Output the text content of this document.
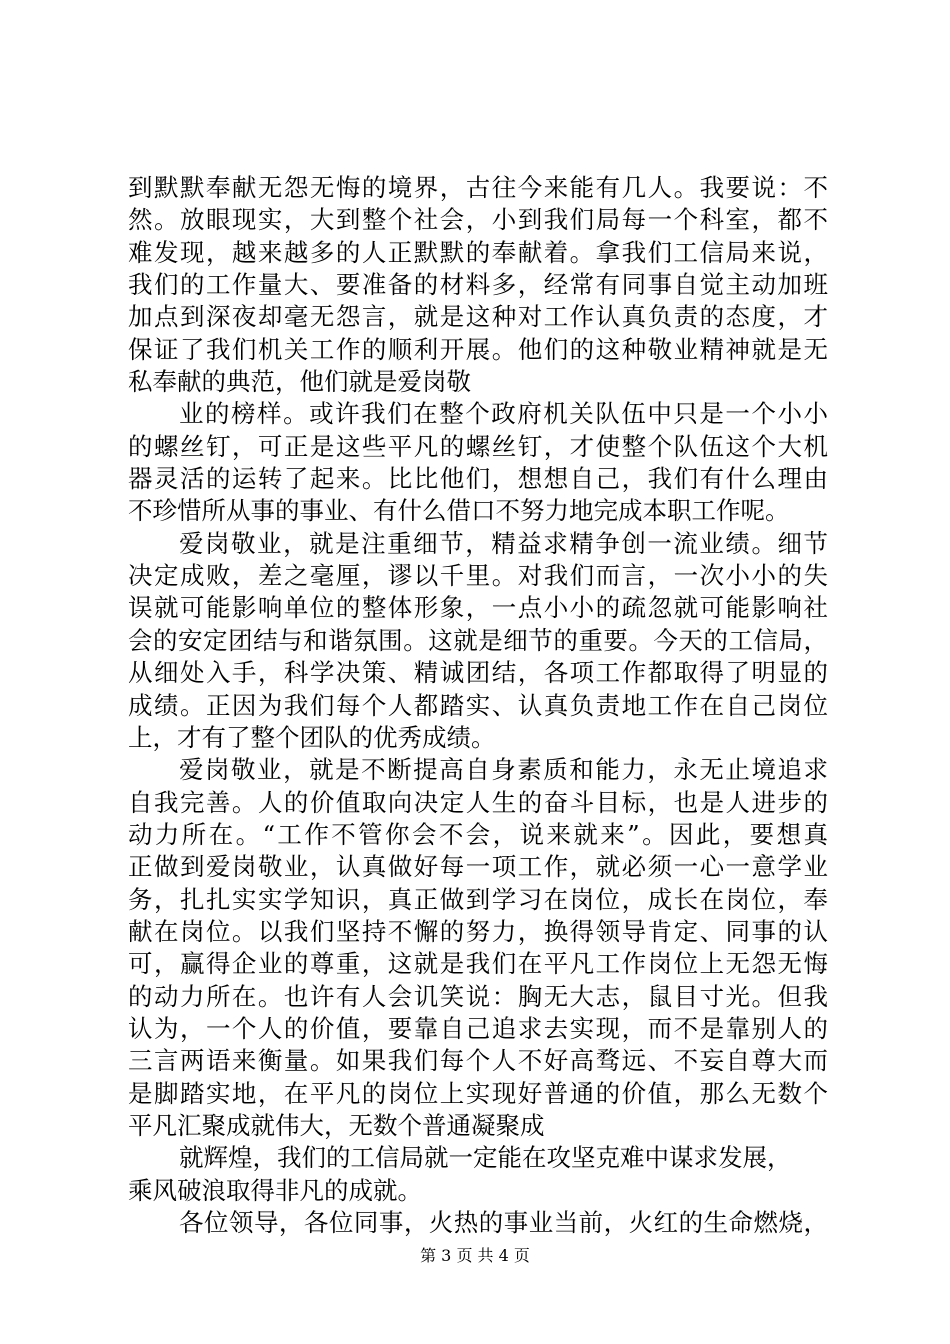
到默默奉献无怨无悔的境界，古往今来能有几人。我要说：不
然。放眼现实，大到整个社会，小到我们局每一个科室，都不
难发现，越来越多的人正默默的奉献着。拿我们工信局来说，
我们的工作量大、要准备的材料多，经常有同事自觉主动加班
加点到深夜却毫无怨言，就是这种对工作认真负责的态度，才
保证了我们机关工作的顺利开展。他们的这种敬业精神就是无
私奉献的典范，他们就是爱岗敬
业的榜样。或许我们在整个政府机关队伍中只是一个小小
的螺丝钉，可正是这些平凡的螺丝钉，才使整个队伍这个大机
器灵活的运转了起来。比比他们，想想自己，我们有什么理由
不珍惜所从事的事业、有什么借口不努力地完成本职工作呢。
爱岗敬业，就是注重细节，精益求精争创一流业绩。细节
决定成败，差之毫厘，谬以千里。对我们而言，一次小小的失
误就可能影响单位的整体形象，一点小小的疏忽就可能影响社
会的安定团结与和谐氛围。这就是细节的重要。今天的工信局，
从细处入手，科学决策、精诚团结，各项工作都取得了明显的
成绩。正因为我们每个人都踏实、认真负责地工作在自己岗位
上，才有了整个团队的优秀成绩。
爱岗敬业，就是不断提高自身素质和能力，永无止境追求
自我完善。人的价值取向决定人生的奋斗目标，也是人进步的
动力所在。“工作不管你会不会，说来就来”。因此，要想真
正做到爱岗敬业，认真做好每一项工作，就必须一心一意学业
务，扎扎实实学知识，真正做到学习在岗位，成长在岗位，奉
献在岗位。以我们坚持不懈的努力，换得领导肯定、同事的认
可，赢得企业的尊重，这就是我们在平凡工作岗位上无怨无悔
的动力所在。也许有人会讥笑说：胸无大志，鼠目寸光。但我
认为，一个人的价值，要靠自己追求去实现，而不是靠别人的
三言两语来衡量。如果我们每个人不好高骛远、不妄自尊大而
是脚踏实地，在平凡的岗位上实现好普通的价值，那么无数个
平凡汇聚成就伟大，无数个普通凝聚成
就辉煌，我们的工信局就一定能在攻坚克难中谋求发展，
乘风破浪取得非凡的成就。
各位领导，各位同事，火热的事业当前，火红的生命燃烧，
第 3 页 共 4 页
